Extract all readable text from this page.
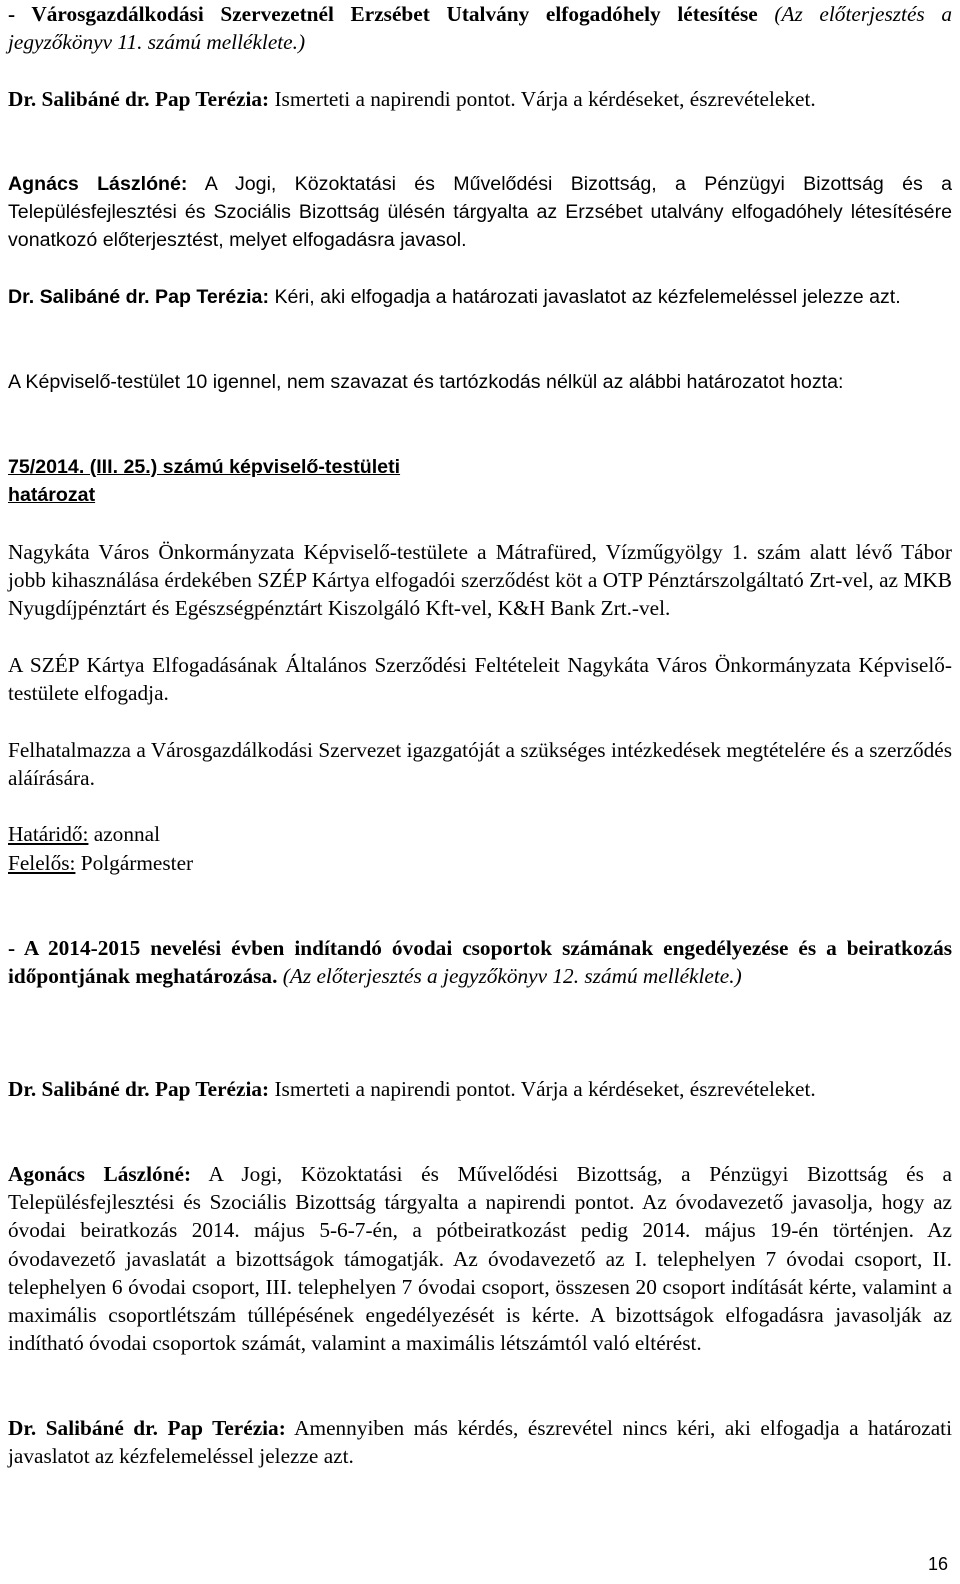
- Városgazdálkodási Szervezetnél Erzsébet Utalvány elfogadóhely létesítése (Az előterjesztés a jegyzőkönyv 11. számú melléklete.)

Dr. Salibáné dr. Pap Terézia: Ismerteti a napirendi pontot. Várja a kérdéseket, észrevételeket.

Agnács Lászlóné: A Jogi, Közoktatási és Művelődési Bizottság, a Pénzügyi Bizottság és a Településfejlesztési és Szociális Bizottság ülésén tárgyalta az Erzsébet utalvány elfogadóhely létesítésére vonatkozó előterjesztést, melyet elfogadásra javasol.

Dr. Salibáné dr. Pap Terézia: Kéri, aki elfogadja a határozati javaslatot az kézfelemeléssel jelezze azt.

A Képviselő-testület 10 igennel, nem szavazat és tartózkodás nélkül az alábbi határozatot hozta:

75/2014. (III. 25.) számú képviselő-testületi

határozat

Nagykáta Város Önkormányzata Képviselő-testülete a Mátrafüred, Vízműgyölgy 1. szám alatt lévő Tábor jobb kihasználása érdekében SZÉP Kártya elfogadói szerződést köt a OTP Pénztárszolgáltató Zrt-vel, az MKB Nyugdíjpénztárt és Egészségpénztárt Kiszolgáló Kft-vel, K&H Bank Zrt.-vel.

A SZÉP Kártya Elfogadásának Általános Szerződési Feltételeit Nagykáta Város Önkormányzata Képviselő-testülete elfogadja.

Felhatalmazza a Városgazdálkodási Szervezet igazgatóját a szükséges intézkedések megtételére és a szerződés aláírására.

Határidő: azonnal

Felelős: Polgármester

- A 2014-2015 nevelési évben indítandó óvodai csoportok számának engedélyezése és a beiratkozás időpontjának meghatározása. (Az előterjesztés a jegyzőkönyv 12. számú melléklete.)

Dr. Salibáné dr. Pap Terézia: Ismerteti a napirendi pontot. Várja a kérdéseket, észrevételeket.

Agonács Lászlóné: A Jogi, Közoktatási és Művelődési Bizottság, a Pénzügyi Bizottság és a Településfejlesztési és Szociális Bizottság tárgyalta a napirendi pontot. Az óvodavezető javasolja, hogy az óvodai beiratkozás 2014. május 5-6-7-én, a pótbeiratkozást pedig 2014. május 19-én történjen. Az óvodavezető javaslatát a bizottságok támogatják. Az óvodavezető az I. telephelyen 7 óvodai csoport, II. telephelyen 6 óvodai csoport, III. telephelyen 7 óvodai csoport, összesen 20 csoport indítását kérte, valamint a maximális csoportlétszám túllépésének engedélyezését is kérte. A bizottságok elfogadásra javasolják az indítható óvodai csoportok számát, valamint a maximális létszámtól való eltérést.

Dr. Salibáné dr. Pap Terézia: Amennyiben más kérdés, észrevétel nincs kéri, aki elfogadja a határozati javaslatot az kézfelemeléssel jelezze azt.

16
